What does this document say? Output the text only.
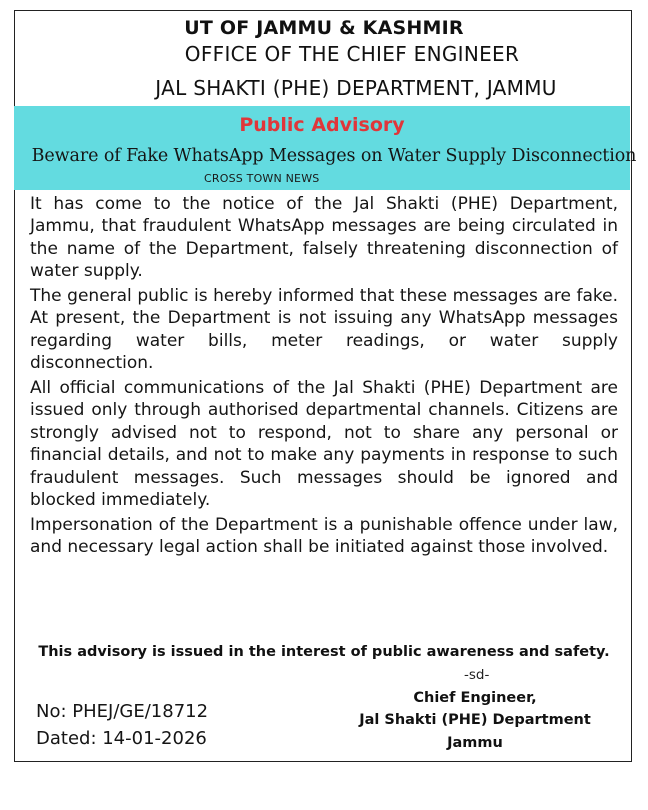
UT OF JAMMU & KASHMIR
OFFICE OF THE CHIEF ENGINEER
JAL SHAKTI (PHE) DEPARTMENT, JAMMU
Public Advisory
Beware of Fake WhatsApp Messages on Water Supply Disconnection
CROSS TOWN NEWS

It has come to the notice of the Jal Shakti (PHE) Department, Jammu, that fraudulent WhatsApp messages are being circulated in the name of the Department, falsely threatening disconnection of water supply.

The general public is hereby informed that these messages are fake. At present, the Department is not issuing any WhatsApp messages regarding water bills, meter readings, or water supply disconnection.

All official communications of the Jal Shakti (PHE) Department are issued only through authorised departmental channels. Citizens are strongly advised not to respond, not to share any personal or financial details, and not to make any payments in response to such fraudulent messages. Such messages should be ignored and blocked immediately.

Impersonation of the Department is a punishable offence under law, and necessary legal action shall be initiated against those involved.

This advisory is issued in the interest of public awareness and safety.
-sd-
Chief Engineer,
Jal Shakti (PHE) Department
Jammu
No: PHEJ/GE/18712
Dated: 14-01-2026
